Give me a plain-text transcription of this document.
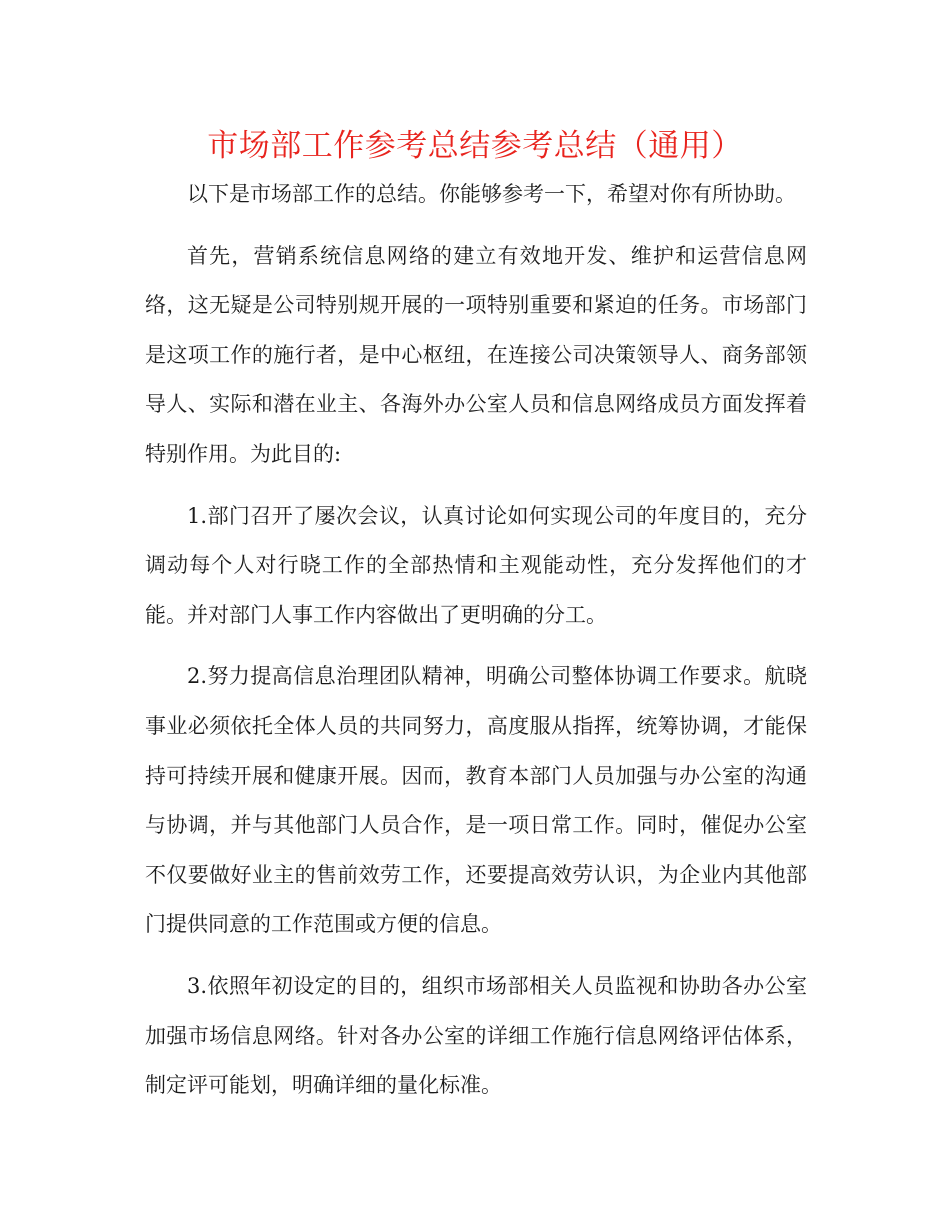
市场部工作参考总结参考总结（通用）

以下是市场部工作的总结。你能够参考一下，希望对你有所协助。

首先，营销系统信息网络的建立有效地开发、维护和运营信息网络，这无疑是公司特别规开展的一项特别重要和紧迫的任务。市场部门是这项工作的施行者，是中心枢纽，在连接公司决策领导人、商务部领导人、实际和潜在业主、各海外办公室人员和信息网络成员方面发挥着特别作用。为此目的:

1.部门召开了屡次会议，认真讨论如何实现公司的年度目的，充分调动每个人对行晓工作的全部热情和主观能动性，充分发挥他们的才能。并对部门人事工作内容做出了更明确的分工。

2.努力提高信息治理团队精神，明确公司整体协调工作要求。航晓事业必须依托全体人员的共同努力，高度服从指挥，统筹协调，才能保持可持续开展和健康开展。因而，教育本部门人员加强与办公室的沟通与协调，并与其他部门人员合作，是一项日常工作。同时，催促办公室不仅要做好业主的售前效劳工作，还要提高效劳认识，为企业内其他部门提供同意的工作范围或方便的信息。

3.依照年初设定的目的，组织市场部相关人员监视和协助各办公室加强市场信息网络。针对各办公室的详细工作施行信息网络评估体系，制定评可能划，明确详细的量化标准。
